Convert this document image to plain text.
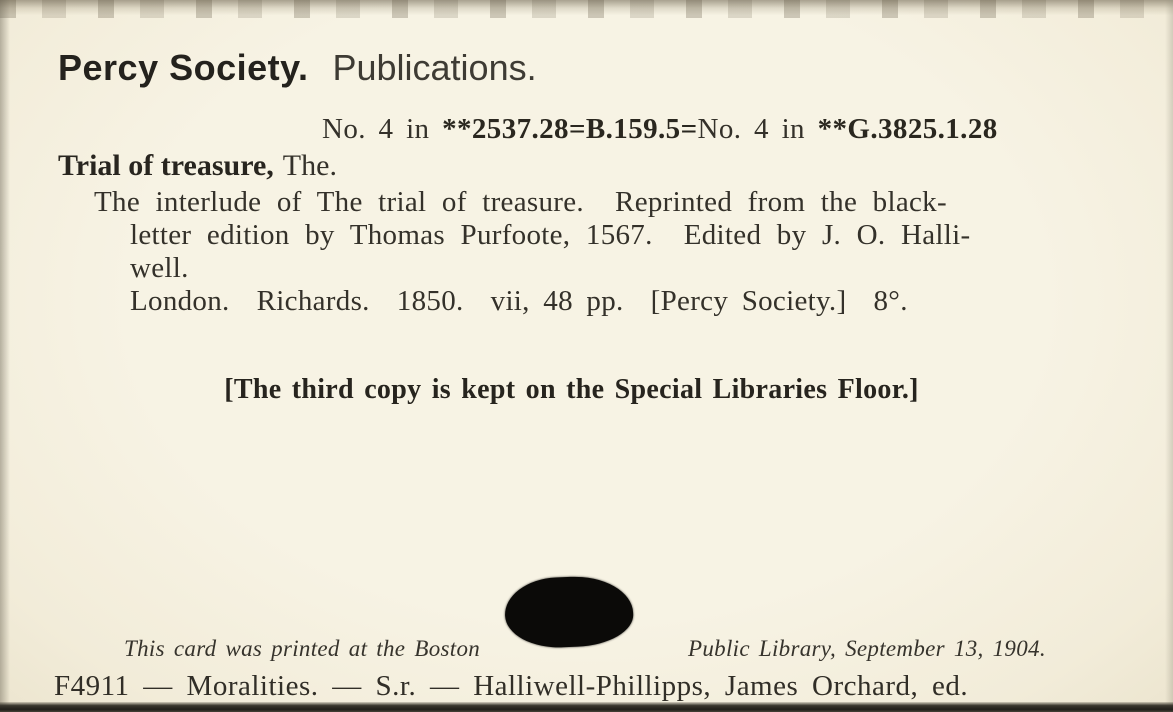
Percy Society. Publications.
No. 4 in **2537.28=B.159.5=No. 4 in **G.3825.1.28
Trial of treasure, The.
The interlude of The trial of treasure.  Reprinted from the black-
letter edition by Thomas Purfoote, 1567.  Edited by J. O. Halli-
well.
London.  Richards.  1850.  vii, 48 pp.  [Percy Society.]  8°.
[The third copy is kept on the Special Libraries Floor.]
This card was printed at the Boston	Public Library, September 13, 1904.
F4911 — Moralities. — S.r. — Halliwell-Phillipps, James Orchard, ed.
